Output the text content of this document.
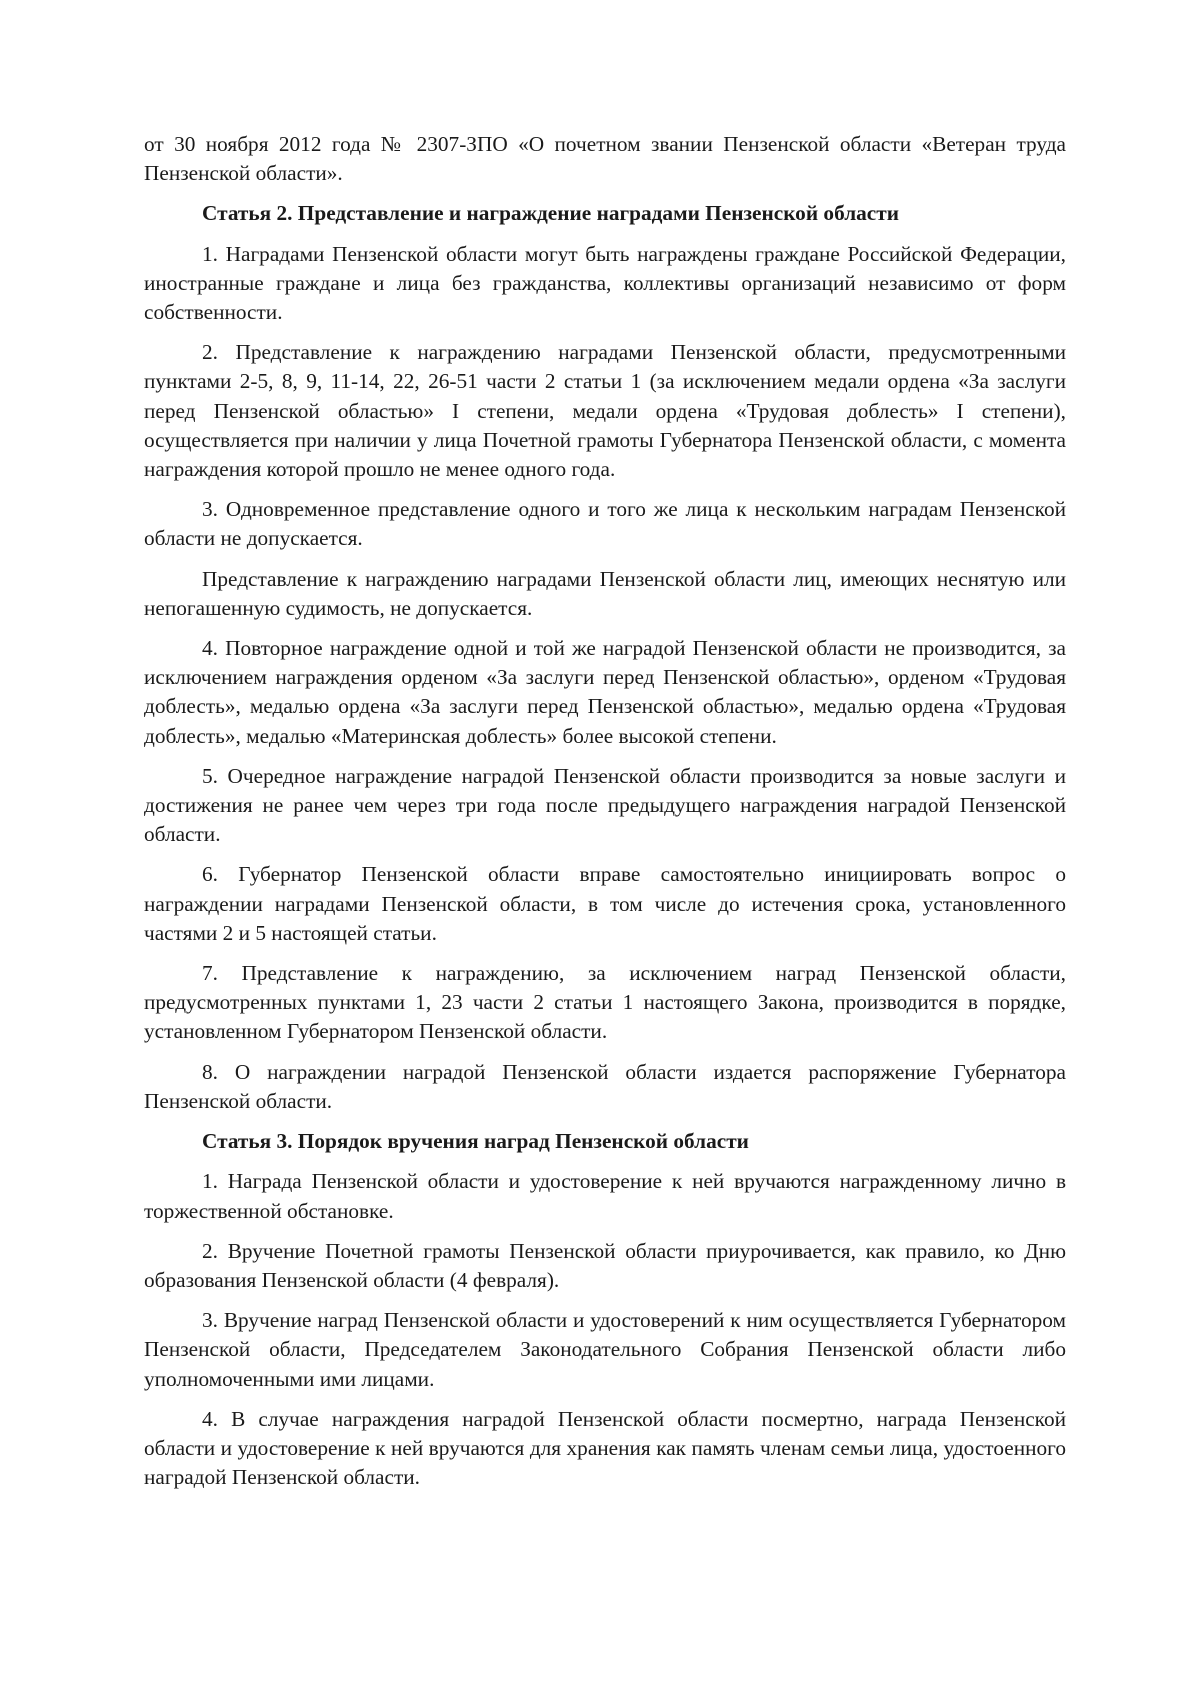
от 30 ноября 2012 года № 2307-ЗПО «О почетном звании Пензенской области «Ветеран труда Пензенской области».

Статья 2. Представление и награждение наградами Пензенской области

1. Наградами Пензенской области могут быть награждены граждане Российской Федерации, иностранные граждане и лица без гражданства, коллективы организаций независимо от форм собственности.

2. Представление к награждению наградами Пензенской области, предусмотренными пунктами 2-5, 8, 9, 11-14, 22, 26-51 части 2 статьи 1 (за исключением медали ордена «За заслуги перед Пензенской областью» I степени, медали ордена «Трудовая доблесть» I степени), осуществляется при наличии у лица Почетной грамоты Губернатора Пензенской области, с момента награждения которой прошло не менее одного года.

3. Одновременное представление одного и того же лица к нескольким наградам Пензенской области не допускается.

Представление к награждению наградами Пензенской области лиц, имеющих неснятую или непогашенную судимость, не допускается.

4. Повторное награждение одной и той же наградой Пензенской области не производится, за исключением награждения орденом «За заслуги перед Пензенской областью», орденом «Трудовая доблесть», медалью ордена «За заслуги перед Пензенской областью», медалью ордена «Трудовая доблесть», медалью «Материнская доблесть» более высокой степени.

5. Очередное награждение наградой Пензенской области производится за новые заслуги и достижения не ранее чем через три года после предыдущего награждения наградой Пензенской области.

6. Губернатор Пензенской области вправе самостоятельно инициировать вопрос о награждении наградами Пензенской области, в том числе до истечения срока, установленного частями 2 и 5 настоящей статьи.

7. Представление к награждению, за исключением наград Пензенской области, предусмотренных пунктами 1, 23 части 2 статьи 1 настоящего Закона, производится в порядке, установленном Губернатором Пензенской области.

8. О награждении наградой Пензенской области издается распоряжение Губернатора Пензенской области.

Статья 3. Порядок вручения наград Пензенской области

1. Награда Пензенской области и удостоверение к ней вручаются награжденному лично в торжественной обстановке.

2. Вручение Почетной грамоты Пензенской области приурочивается, как правило, ко Дню образования Пензенской области (4 февраля).

3. Вручение наград Пензенской области и удостоверений к ним осуществляется Губернатором Пензенской области, Председателем Законодательного Собрания Пензенской области либо уполномоченными ими лицами.

4. В случае награждения наградой Пензенской области посмертно, награда Пензенской области и удостоверение к ней вручаются для хранения как память членам семьи лица, удостоенного наградой Пензенской области.
